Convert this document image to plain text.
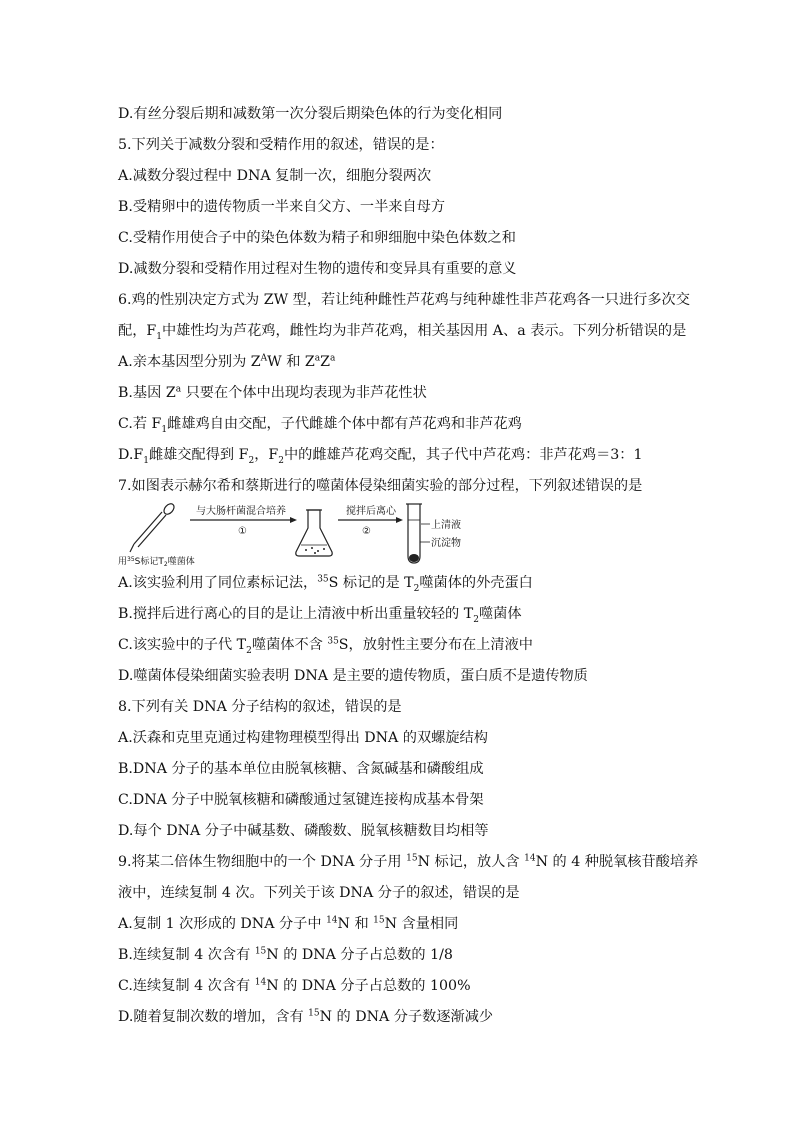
D.有丝分裂后期和减数第一次分裂后期染色体的行为变化相同
5.下列关于减数分裂和受精作用的叙述，错误的是：
A.减数分裂过程中 DNA 复制一次，细胞分裂两次
B.受精卵中的遗传物质一半来自父方、一半来自母方
C.受精作用使合子中的染色体数为精子和卵细胞中染色体数之和
D.减数分裂和受精作用过程对生物的遗传和变异具有重要的意义
6.鸡的性别决定方式为 ZW 型，若让纯种雌性芦花鸡与纯种雄性非芦花鸡各一只进行多次交
配，$F_1$中雄性均为芦花鸡，雌性均为非芦花鸡，相关基因用 A、a 表示。下列分析错误的是
A.亲本基因型分别为 $Z^AW$ 和 $Z^aZ^a$
B.基因 $Z^a$ 只要在个体中出现均表现为非芦花性状
C.若 $F_1$雌雄鸡自由交配，子代雌雄个体中都有芦花鸡和非芦花鸡
$D.F_1$雌雄交配得到 $F_2$，$F_2$中的雌雄芦花鸡交配，其子代中芦花鸡：非芦花鸡＝3：1
7.如图表示赫尔希和蔡斯进行的噬菌体侵染细菌实验的部分过程，下列叙述错误的是
用$^{35}$S标记$T_2$噬菌体
与大肠杆菌混合培养
①
搅拌后离心
②
上清液
沉淀物
A.该实验利用了同位素标记法，$^{35}$S 标记的是 $T_2$噬菌体的外壳蛋白
B.搅拌后进行离心的目的是让上清液中析出重量较轻的 $T_2$噬菌体
C.该实验中的子代 $T_2$噬菌体不含 $^{35}$S，放射性主要分布在上清液中
D.噬菌体侵染细菌实验表明 DNA 是主要的遗传物质，蛋白质不是遗传物质
8.下列有关 DNA 分子结构的叙述，错误的是
A.沃森和克里克通过构建物理模型得出 DNA 的双螺旋结构
B.DNA 分子的基本单位由脱氧核糖、含氮碱基和磷酸组成
C.DNA 分子中脱氧核糖和磷酸通过氢键连接构成基本骨架
D.每个 DNA 分子中碱基数、磷酸数、脱氧核糖数目均相等
9.将某二倍体生物细胞中的一个 DNA 分子用 $^{15}$N 标记，放人含 $^{14}$N 的 4 种脱氧核苷酸培养
液中，连续复制 4 次。下列关于该 DNA 分子的叙述，错误的是
A.复制 1 次形成的 DNA 分子中 $^{14}$N 和 $^{15}$N 含量相同
B.连续复制 4 次含有 $^{15}$N 的 DNA 分子占总数的 1/8
C.连续复制 4 次含有 $^{14}$N 的 DNA 分子占总数的 100%
D.随着复制次数的增加，含有 $^{15}$N 的 DNA 分子数逐渐减少
